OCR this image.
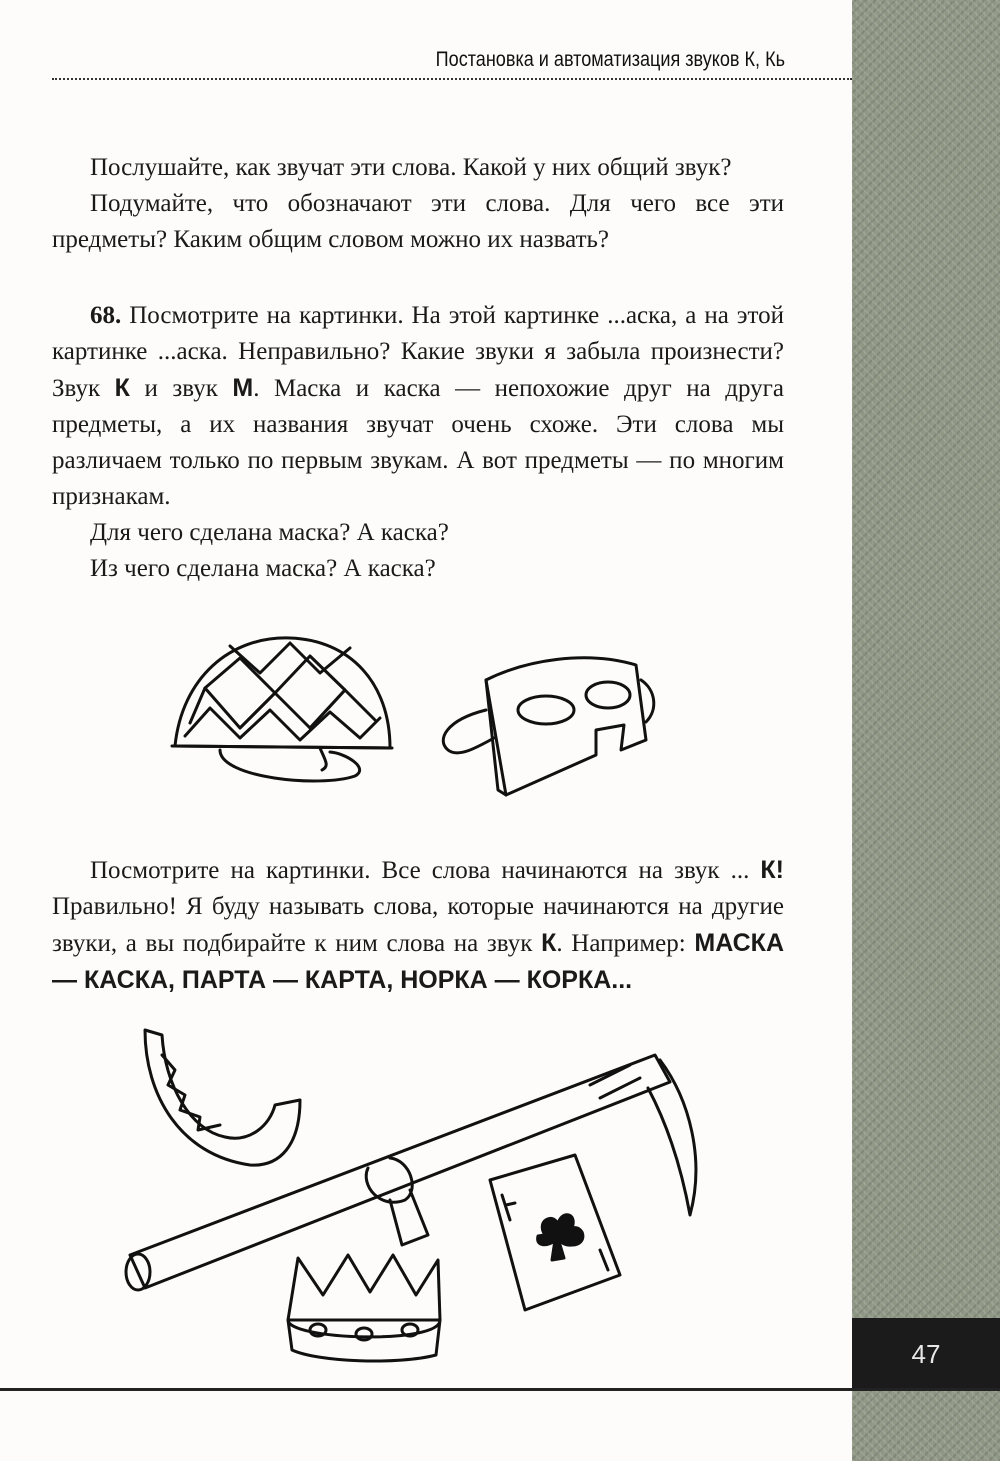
47
Постановка и автоматизация звуков К, Кь

Послушайте, как звучат эти слова. Какой у них общий звук?

Подумайте, что обозначают эти слова. Для чего все эти предметы? Каким общим словом можно их назвать?

68. Посмотрите на картинки. На этой картинке ...аска, а на этой картинке ...аска. Неправильно? Какие звуки я забыла произнести? Звук К и звук М. Маска и каска — непохожие друг на друга предметы, а их названия звучат очень схоже. Эти слова мы различаем только по первым звукам. А вот предметы — по многим признакам.

Для чего сделана маска? А каска?

Из чего сделана маска? А каска?

Посмотрите на картинки. Все слова начинаются на звук ... К! Правильно! Я буду называть слова, которые начинаются на другие звуки, а вы подбирайте к ним слова на звук К. Например: МАСКА — КАСКА, ПАРТА — КАРТА, НОРКА — КОРКА...
